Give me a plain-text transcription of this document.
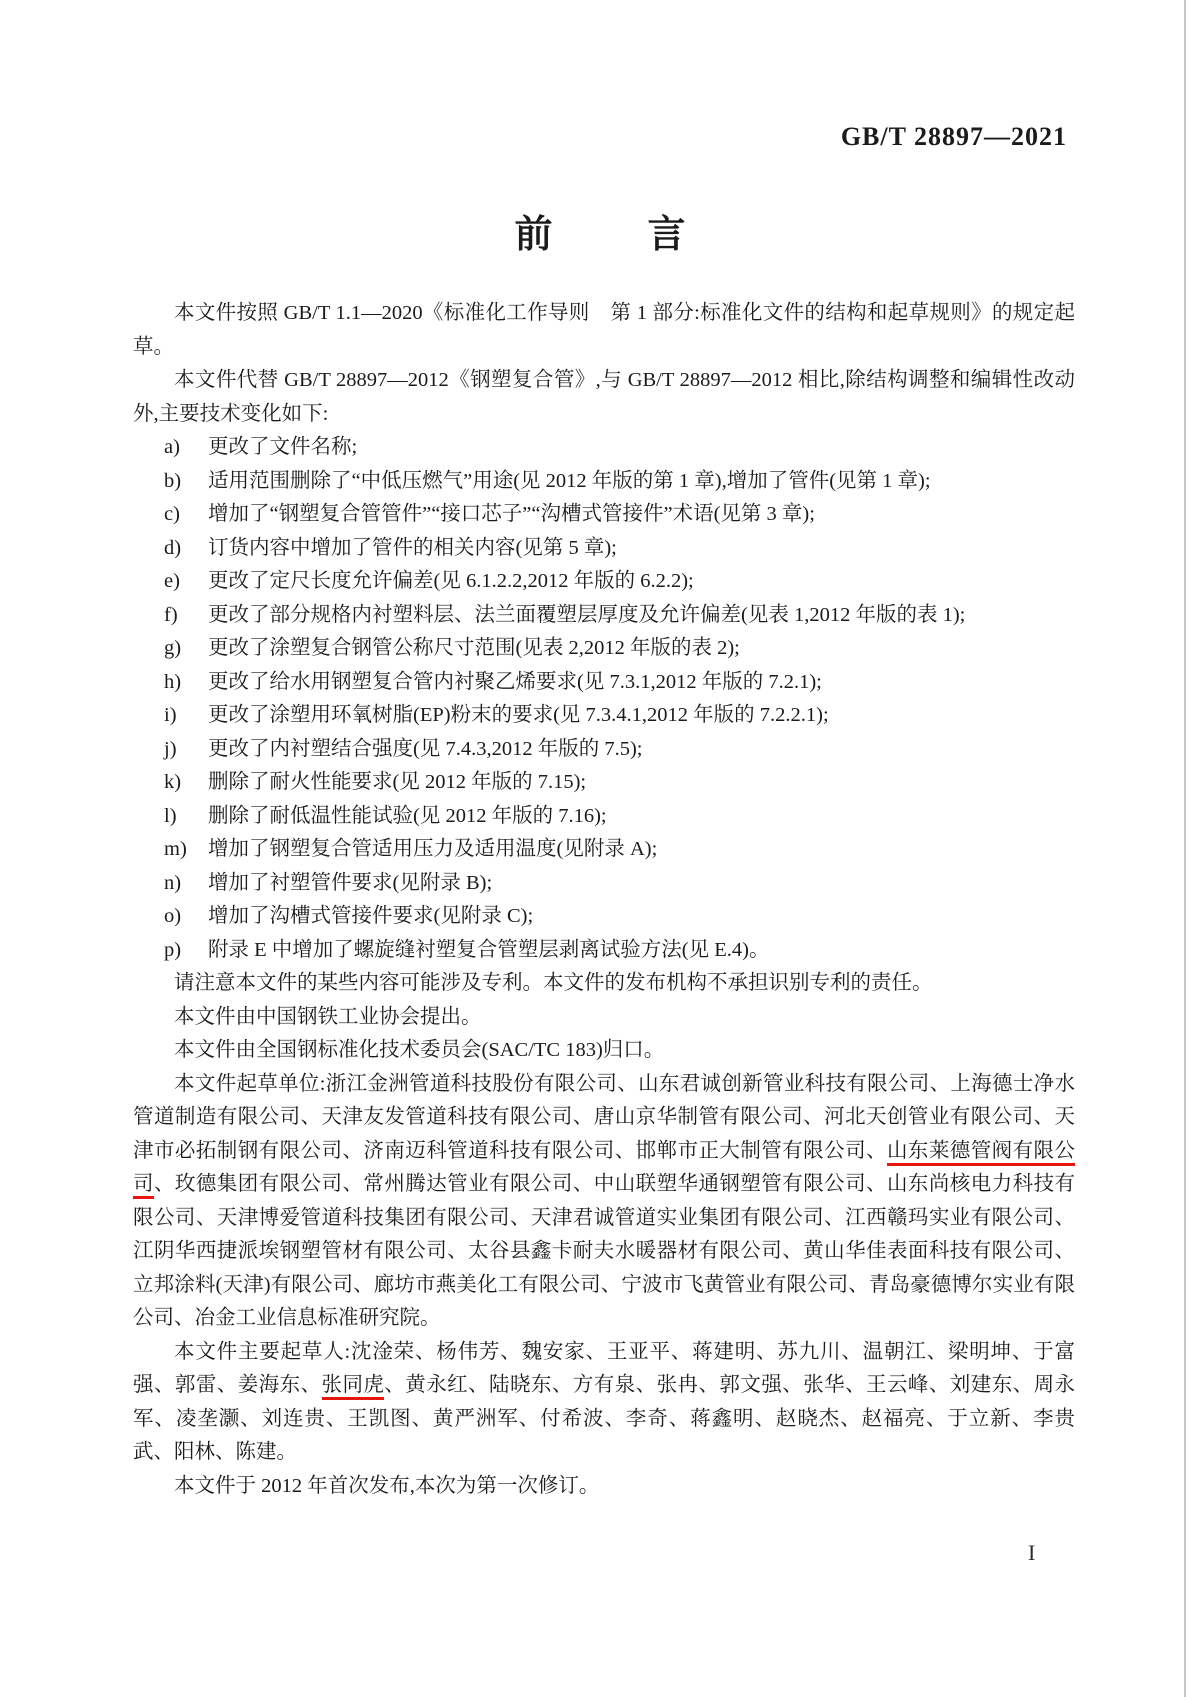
GB/T 28897—2021
前言

本文件按照 GB/T 1.1—2020《标准化工作导则　第 1 部分:标准化文件的结构和起草规则》的规定起草。

本文件代替 GB/T 28897—2012《钢塑复合管》,与 GB/T 28897—2012 相比,除结构调整和编辑性改动外,主要技术变化如下:

a)	更改了文件名称;
b)	适用范围删除了“中低压燃气”用途(见 2012 年版的第 1 章),增加了管件(见第 1 章);
c)	增加了“钢塑复合管管件”“接口芯子”“沟槽式管接件”术语(见第 3 章);
d)	订货内容中增加了管件的相关内容(见第 5 章);
e)	更改了定尺长度允许偏差(见 6.1.2.2,2012 年版的 6.2.2);
f)	更改了部分规格内衬塑料层、法兰面覆塑层厚度及允许偏差(见表 1,2012 年版的表 1);
g)	更改了涂塑复合钢管公称尺寸范围(见表 2,2012 年版的表 2);
h)	更改了给水用钢塑复合管内衬聚乙烯要求(见 7.3.1,2012 年版的 7.2.1);
i)	更改了涂塑用环氧树脂(EP)粉末的要求(见 7.3.4.1,2012 年版的 7.2.2.1);
j)	更改了内衬塑结合强度(见 7.4.3,2012 年版的 7.5);
k)	删除了耐火性能要求(见 2012 年版的 7.15);
l)	删除了耐低温性能试验(见 2012 年版的 7.16);
m)	增加了钢塑复合管适用压力及适用温度(见附录 A);
n)	增加了衬塑管件要求(见附录 B);
o)	增加了沟槽式管接件要求(见附录 C);
p)	附录 E 中增加了螺旋缝衬塑复合管塑层剥离试验方法(见 E.4)。

请注意本文件的某些内容可能涉及专利。本文件的发布机构不承担识别专利的责任。

本文件由中国钢铁工业协会提出。

本文件由全国钢标准化技术委员会(SAC/TC 183)归口。

本文件起草单位:浙江金洲管道科技股份有限公司、山东君诚创新管业科技有限公司、上海德士净水管道制造有限公司、天津友发管道科技有限公司、唐山京华制管有限公司、河北天创管业有限公司、天津市必拓制钢有限公司、济南迈科管道科技有限公司、邯郸市正大制管有限公司、山东莱德管阀有限公司、玫德集团有限公司、常州腾达管业有限公司、中山联塑华通钢塑管有限公司、山东尚核电力科技有限公司、天津博爱管道科技集团有限公司、天津君诚管道实业集团有限公司、江西赣玛实业有限公司、江阴华西捷派埃钢塑管材有限公司、太谷县鑫卡耐夫水暖器材有限公司、黄山华佳表面科技有限公司、立邦涂料(天津)有限公司、廊坊市燕美化工有限公司、宁波市飞黄管业有限公司、青岛豪德博尔实业有限公司、冶金工业信息标准研究院。

本文件主要起草人:沈淦荣、杨伟芳、魏安家、王亚平、蒋建明、苏九川、温朝江、梁明坤、于富强、郭雷、姜海东、张同虎、黄永红、陆晓东、方有泉、张冉、郭文强、张华、王云峰、刘建东、周永军、凌垄灏、刘连贵、王凯图、黄严洲军、付希波、李奇、蒋鑫明、赵晓杰、赵福亮、于立新、李贵武、阳林、陈建。

本文件于 2012 年首次发布,本次为第一次修订。

I
